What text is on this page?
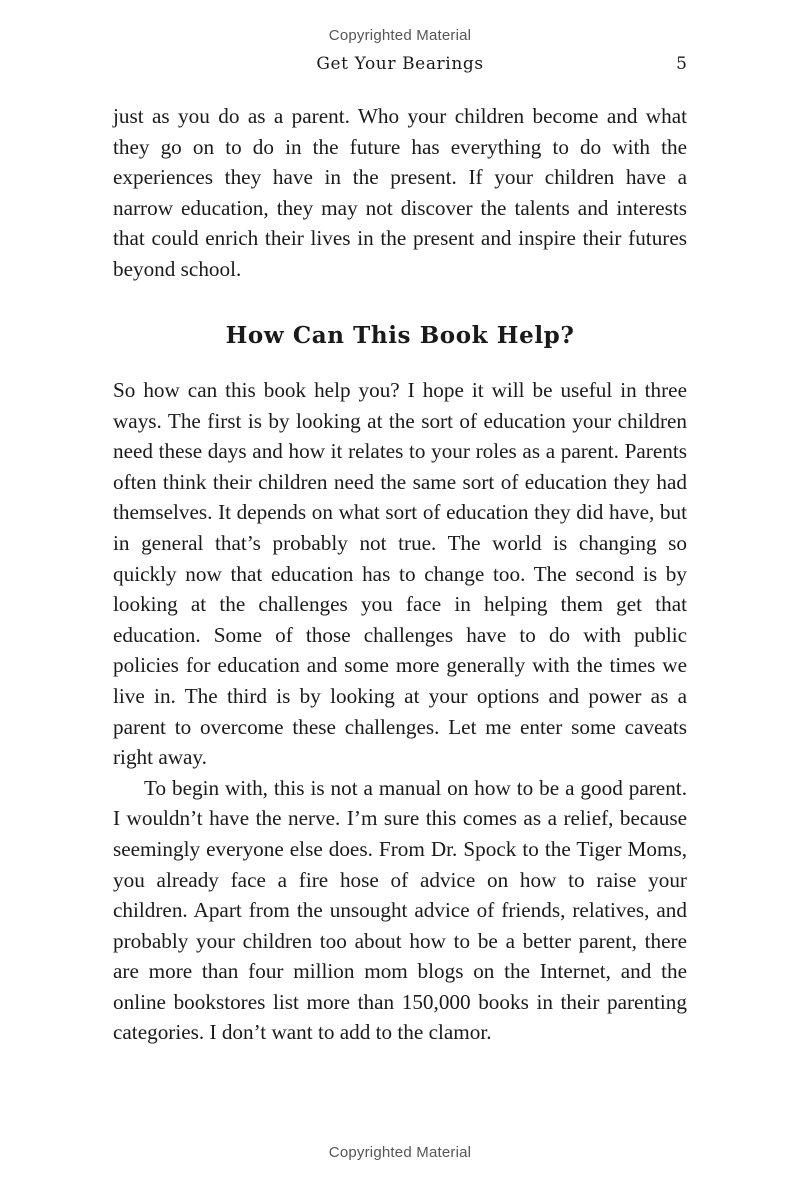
Copyrighted Material
Get Your Bearings	5

just as you do as a parent. Who your children become and what they go on to do in the future has everything to do with the experiences they have in the present. If your children have a narrow education, they may not discover the talents and interests that could enrich their lives in the present and inspire their futures beyond school.

How Can This Book Help?

So how can this book help you? I hope it will be useful in three ways. The first is by looking at the sort of education your children need these days and how it relates to your roles as a parent. Parents often think their children need the same sort of education they had themselves. It depends on what sort of education they did have, but in general that’s probably not true. The world is changing so quickly now that education has to change too. The second is by looking at the challenges you face in helping them get that education. Some of those challenges have to do with public policies for education and some more generally with the times we live in. The third is by looking at your options and power as a parent to overcome these challenges. Let me enter some caveats right away.

To begin with, this is not a manual on how to be a good parent. I wouldn’t have the nerve. I’m sure this comes as a relief, because seemingly everyone else does. From Dr. Spock to the Tiger Moms, you already face a fire hose of advice on how to raise your children. Apart from the unsought advice of friends, relatives, and probably your children too about how to be a better parent, there are more than four million mom blogs on the Internet, and the online bookstores list more than 150,000 books in their parenting categories. I don’t want to add to the clamor.

Copyrighted Material
